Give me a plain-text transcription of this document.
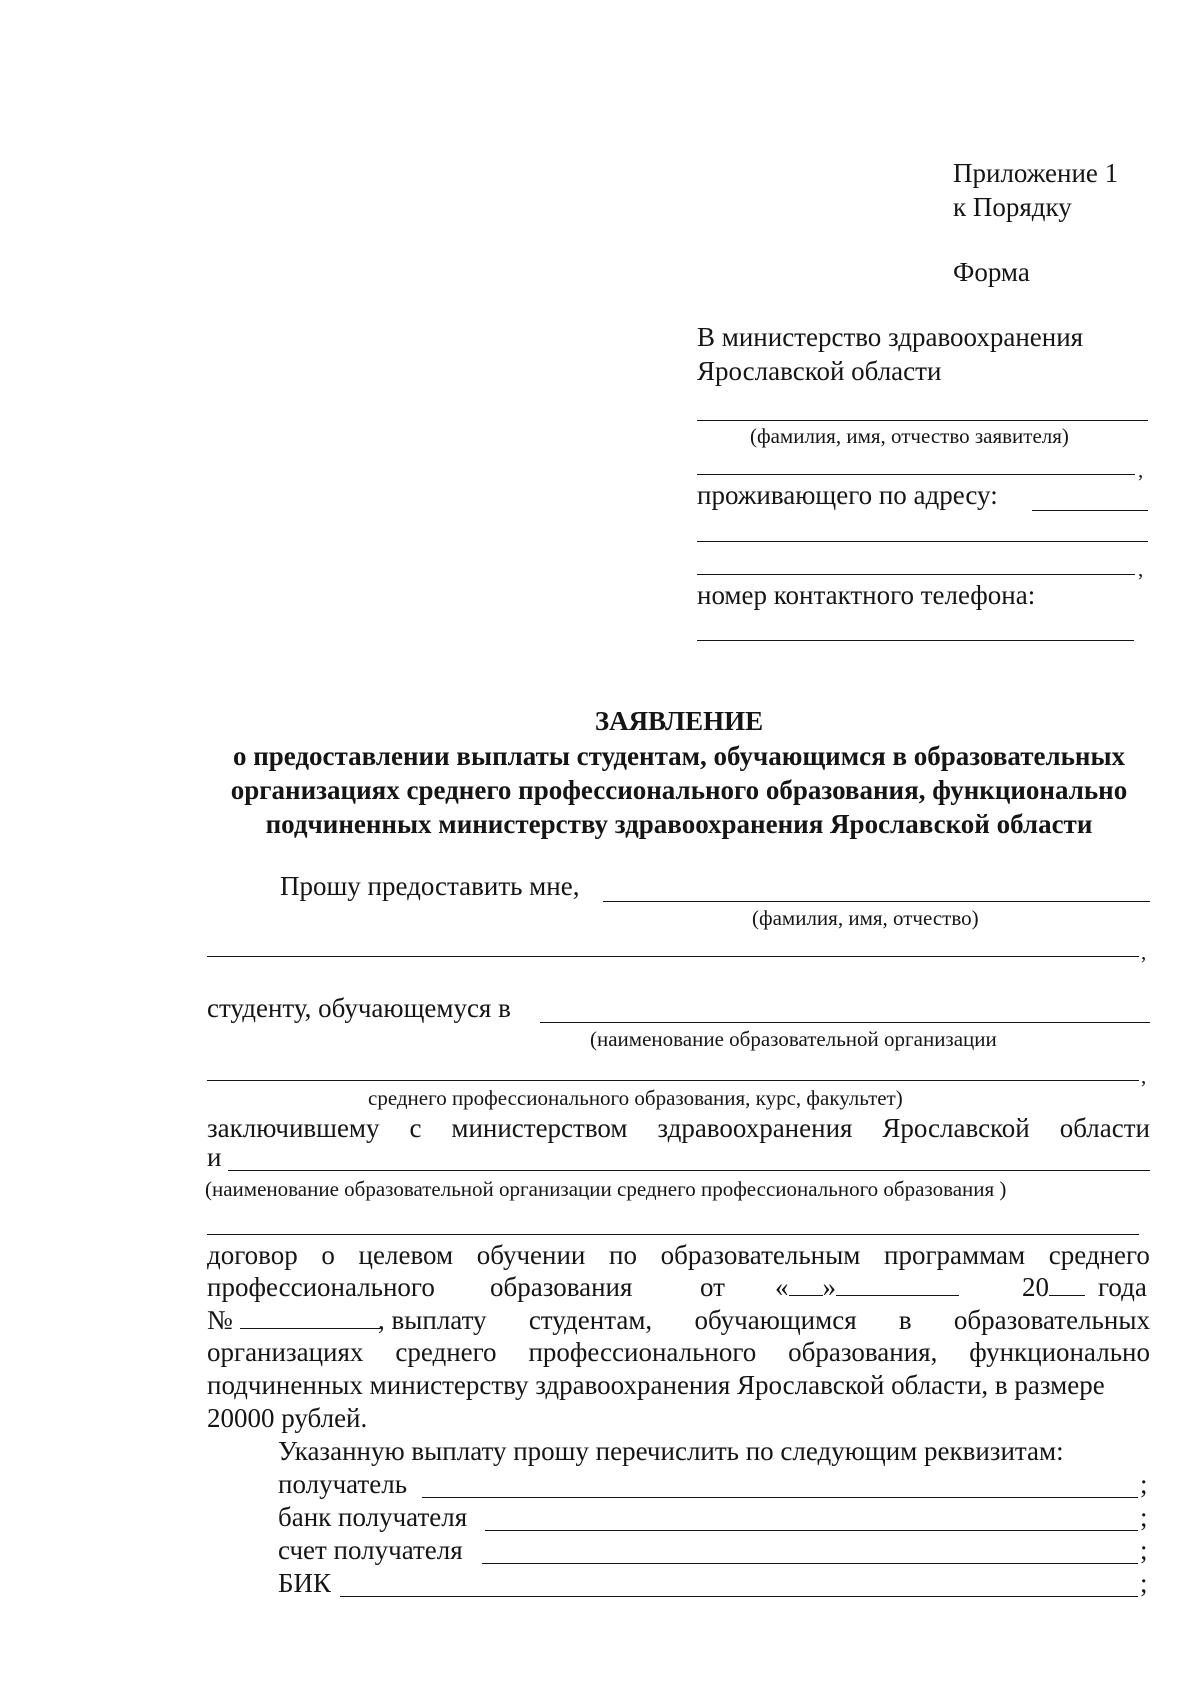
Приложение 1
к Порядку
Форма
В министерство здравоохранения
Ярославской области
(фамилия, имя, отчество заявителя)
,
проживающего по адресу:
,
номер контактного телефона:
ЗАЯВЛЕНИЕ
о предоставлении выплаты студентам, обучающимся в образовательных
организациях среднего профессионального образования, функционально
подчиненных министерству здравоохранения Ярославской области
Прошу предоставить мне,
(фамилия, имя, отчество)
,
студенту, обучающемуся в
(наименование образовательной организации
,
среднего профессионального образования, курс, факультет)
заключившему с министерством здравоохранения Ярославской области
и
(наименование образовательной организации среднего профессионального образования )
договор о целевом обучении по образовательным программам среднего
профессионального образования	от « »	20	года
№	, выплату студентам, обучающимся в образовательных
организациях среднего профессионального образования, функционально
подчиненных министерству здравоохранения Ярославской области, в размере
20000 рублей.
Указанную выплату прошу перечислить по следующим реквизитам:
получатель	;
банк получателя	;
счет получателя	;
БИК	;
